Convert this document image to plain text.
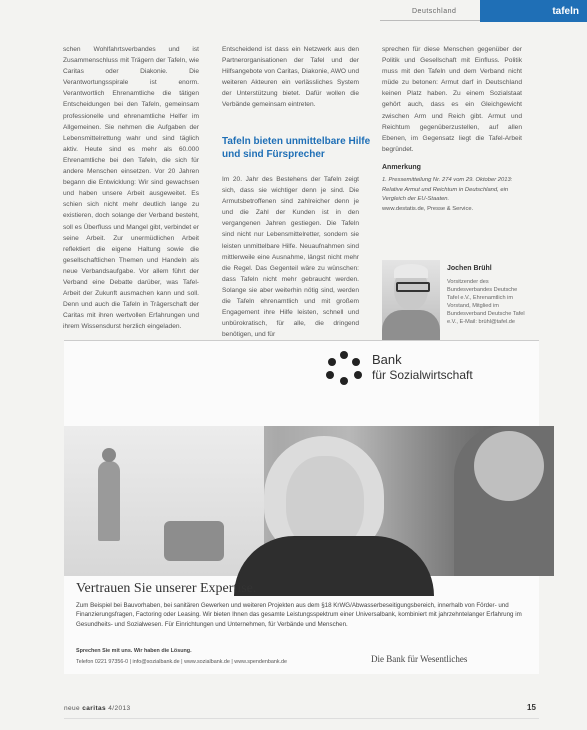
Deutschland	tafeln
schen Wohlfahrtsverbandes und ist Zusammenschluss mit Trägern der Tafeln, wie Caritas oder Diakonie. Die Verantwortungsspirale ist enorm. Verantwortlich Ehrenamtliche die tätigen Entscheidungen bei den Tafeln, gemeinsam professionelle und ehrenamtliche Helfer im Allgemeinen. Sie nehmen die Aufgaben der Lebensmittelrettung wahr und sind täglich aktiv. Heute sind es mehr als 60.000 Ehrenamtliche bei den Tafeln, die sich für andere Menschen einsetzen. Vor 20 Jahren begann die Entwicklung: Wir sind gewachsen und haben unsere Arbeit ausgeweitet. Es schien sich nicht mehr deutlich lange zu existieren, doch solange der Verband besteht, soll es Überfluss und Mangel gibt, verbindet er seine Arbeit. Zur unermüdlichen Arbeit reflektiert die eigene Haltung sowie die gesellschaftlichen Themen und Handeln als neue Verbandsaufgabe. Vor allem führt der Verband eine Debatte darüber, was Tafel-Arbeit der Zukunft ausmachen kann und soll. Denn und auch die Tafeln in Trägerschaft der Caritas mit ihren wertvollen Erfahrungen und ihrem Wissensdurst herzlich eingeladen.
Entscheidend ist dass ein Netzwerk aus den Partnerorganisationen der Tafel und der Hilfsangebote von Caritas, Diakonie, AWO und weiteren Akteuren ein verlässliches System der Unterstützung bietet. Dafür wollen die Verbände gemeinsam eintreten.
Im 20. Jahr des Bestehens der Tafeln zeigt sich, dass sie wichtiger denn je sind. Die Armutsbetroffenen sind zahlreicher denn je und die Zahl der Kunden ist in den vergangenen Jahren gestiegen. Die Tafeln sind nicht nur Lebensmittelretter, sondern sie leisten unmittelbare Hilfe. Neuaufnahmen sind mittlerweile eine Ausnahme, längst nicht mehr die Regel. Das Gegenteil wäre zu wünschen: dass Tafeln nicht mehr gebraucht werden. Solange sie aber weiterhin nötig sind, werden die Tafeln ehrenamtlich und mit großem Engagement ihre Hilfe leisten, schnell und unbürokratisch, für alle, die dringend benötigen, und für
Tafeln bieten unmittelbare Hilfe und sind Fürsprecher
sprechen für diese Menschen gegenüber der Politik und Gesellschaft mit Einfluss. Politik muss mit den Tafeln und dem Verband nicht müde zu betonen: Armut darf in Deutschland keinen Platz haben. Zu einem Sozialstaat gehört auch, dass es ein Gleichgewicht zwischen Arm und Reich gibt. Armut und Reichtum gegenüberzustellen, auf allen Ebenen, im Gegensatz liegt die Tafel-Arbeit begründet.
Anmerkung
1. Pressemitteilung Nr. 274 vom 29. Oktober 2013: Relative Armut und Reichtum in Deutschland, ein Vergleich der EU-Staaten.
www.destatis.de, Presse & Service.
Jochen Brühl
Vorsitzender des Bundesverbandes Deutsche Tafel e.V., Ehrenamtlich im Vorstand, Mitglied im Bundesverband Deutsche Tafel e.V., E-Mail: brühl@tafel.de
Bank
für Sozialwirtschaft
Vertrauen Sie unserer Expertise.
Zum Beispiel bei Bauvorhaben, bei sanitären Gewerken und weiteren Projekten aus dem §18 KrWG/Abwasserbeseitigungsbereich, innerhalb von Förder- und Finanzierungsfragen, Factoring oder Leasing. Wir bieten Ihnen das gesamte Leistungsspektrum einer Universalbank, kombiniert mit jahrzehntelanger Erfahrung im Gesundheits- und Sozialwesen. Für Einrichtungen und Unternehmen, für Verbände und Menschen.
Sprechen Sie mit uns. Wir haben die Lösung.
Telefon 0221 97356-0 | info@sozialbank.de | www.sozialbank.de | www.spendenbank.de	Die Bank für Wesentliches
neue caritas 4/2013	15
